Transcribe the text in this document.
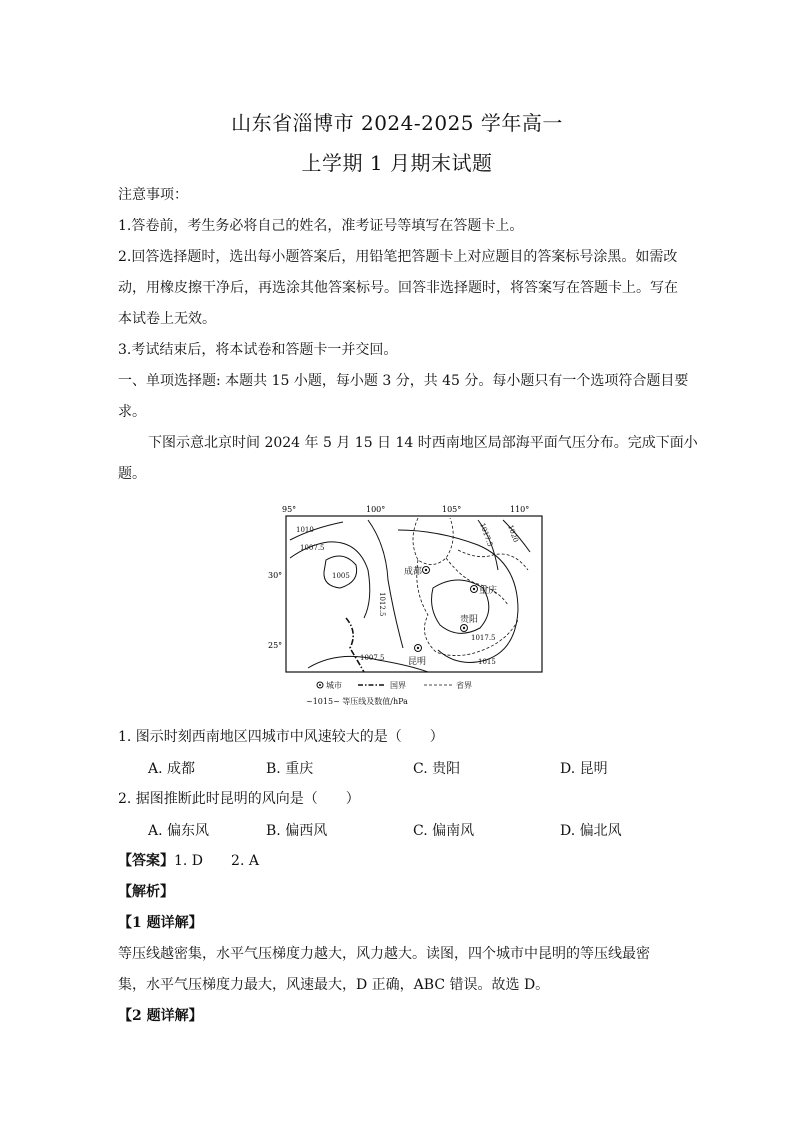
山东省淄博市 2024-2025 学年高一
上学期 1 月期末试题
注意事项：
1.答卷前，考生务必将自己的姓名，准考证号等填写在答题卡上。
2.回答选择题时，选出每小题答案后，用铅笔把答题卡上对应题目的答案标号涂黑。如需改
动，用橡皮擦干净后，再选涂其他答案标号。回答非选择题时，将答案写在答题卡上。写在
本试卷上无效。
3.考试结束后，将本试卷和答题卡一并交回。
一、单项选择题: 本题共 15 小题，每小题 3 分，共 45 分。每小题只有一个选项符合题目要
求。
下图示意北京时间 2024 年 5 月 15 日 14 时西南地区局部海平面气压分布。完成下面小
题。
95°	100°	105°	110°
30°
25°
1010
1007.5
1005
1012.5
1017.5 1020
1017.5
1015
1007.5
成都
重庆
贵阳
昆明
城市	国界	省界
~1015~ 等压线及数值/hPa
1. 图示时刻西南地区四城市中风速较大的是（　　）
A. 成都	B. 重庆	C. 贵阳	D. 昆明
2. 据图推断此时昆明的风向是（　　）
A. 偏东风	B. 偏西风	C. 偏南风	D. 偏北风
【答案】1. D　　2. A
【解析】
【1 题详解】
等压线越密集，水平气压梯度力越大，风力越大。读图，四个城市中昆明的等压线最密
集，水平气压梯度力最大，风速最大，D 正确，ABC 错误。故选 D。
【2 题详解】
